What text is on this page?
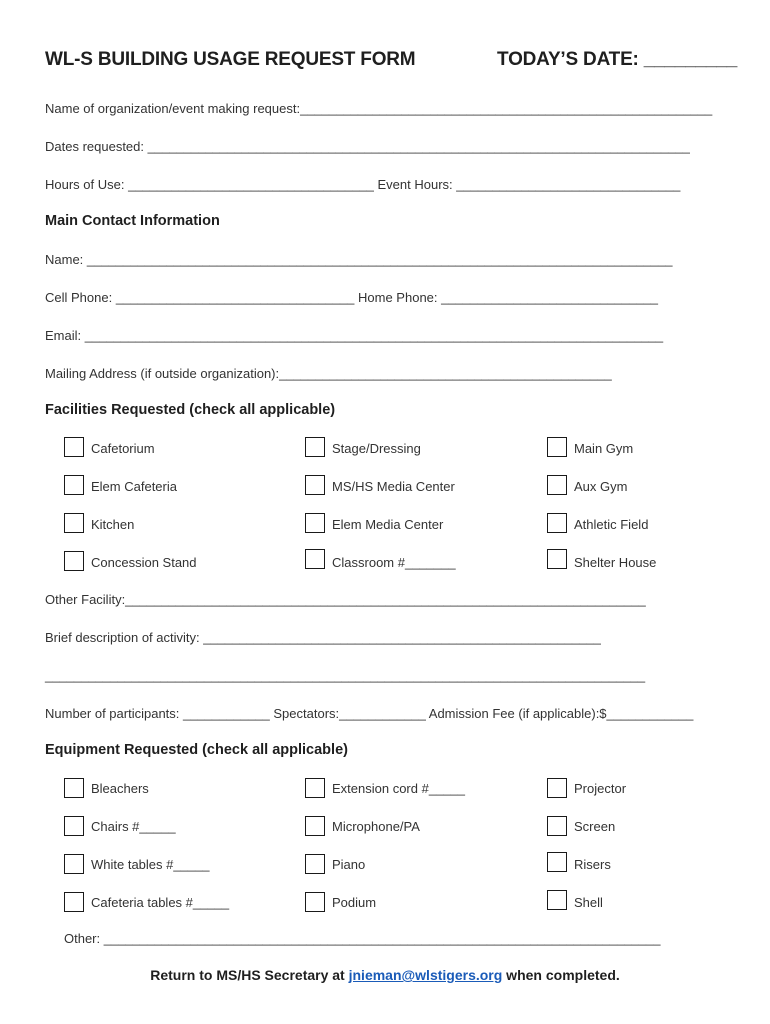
WL-S BUILDING USAGE REQUEST FORM	TODAY’S DATE: _________
Name of organization/event making request:_________________________________________________________
Dates requested: ___________________________________________________________________________
Hours of Use: __________________________________ Event Hours: _______________________________
Main Contact Information
Name: _________________________________________________________________________________
Cell Phone: _________________________________ Home Phone: ______________________________
Email: ________________________________________________________________________________
Mailing Address (if outside organization):______________________________________________
Facilities Requested (check all applicable)
Cafetorium	Stage/Dressing	Main Gym
Elem Cafeteria	MS/HS Media Center	Aux Gym
Kitchen	Elem Media Center	Athletic Field
Concession Stand	Classroom #_______	Shelter House
Other Facility:________________________________________________________________________
Brief description of activity: _______________________________________________________
___________________________________________________________________________________
Number of participants: ____________ Spectators:____________ Admission Fee (if applicable):$____________
Equipment Requested (check all applicable)
Bleachers	Extension cord #_____	Projector
Chairs #_____	Microphone/PA	Screen
White tables #_____	Piano	Risers
Cafeteria tables #_____	Podium	Shell
Other: _____________________________________________________________________________
Return to MS/HS Secretary at jnieman@wlstigers.org when completed.
